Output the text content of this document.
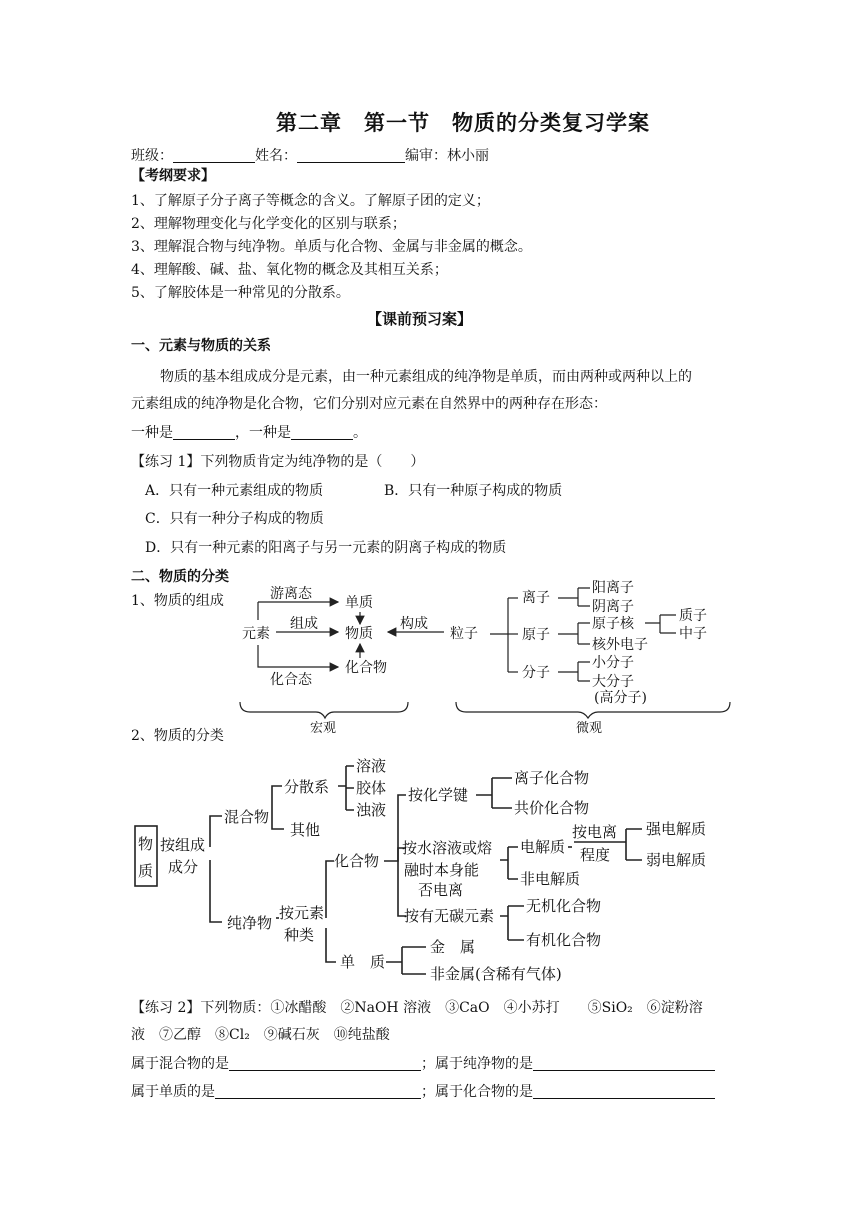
第二章　第一节　物质的分类复习学案
班级：	姓名：	编审：林小丽
【考纲要求】
1、了解原子分子离子等概念的含义。了解原子团的定义；
2、理解物理变化与化学变化的区别与联系；
3、理解混合物与纯净物。单质与化合物、金属与非金属的概念。
4、理解酸、碱、盐、氧化物的概念及其相互关系；
5、了解胶体是一种常见的分散系。
【课前预习案】
一、元素与物质的关系
物质的基本组成成分是元素，由一种元素组成的纯净物是单质，而由两种或两种以上的
元素组成的纯净物是化合物，它们分别对应元素在自然界中的两种存在形态：
一种是	，一种是	。
【练习 1】下列物质肯定为纯净物的是（　　）
A．只有一种元素组成的物质	B．只有一种原子构成的物质
C．只有一种分子构成的物质
D．只有一种元素的阳离子与另一元素的阴离子构成的物质
二、物质的分类
1、物质的组成
元素
游离态
组成
化合态
单质
物质
化合物
构成
粒子
离子
原子
分子
阳离子
阴离子
原子核
核外电子
质子
中子
小分子
大分子
(高分子)
宏观	微观
2、物质的分类
物
质
按组成
成分
混合物
纯净物
分散系
其他
溶液
胶体
浊液
按元素
种类
化合物
单　质
金　属
非金属(含稀有气体)
按化学键
离子化合物
共价化合物
按水溶液或熔
融时本身能
否电离
电解质
非电解质
按电离
程度
强电解质
弱电解质
按有无碳元素
无机化合物
有机化合物
【练习 2】下列物质：①冰醋酸　②NaOH 溶液　③CaO　④小苏打　　⑤SiO₂　⑥淀粉溶
液　⑦乙醇　⑧Cl₂　⑨碱石灰　⑩纯盐酸
属于混合物的是	；属于纯净物的是
属于单质的是	；属于化合物的是
